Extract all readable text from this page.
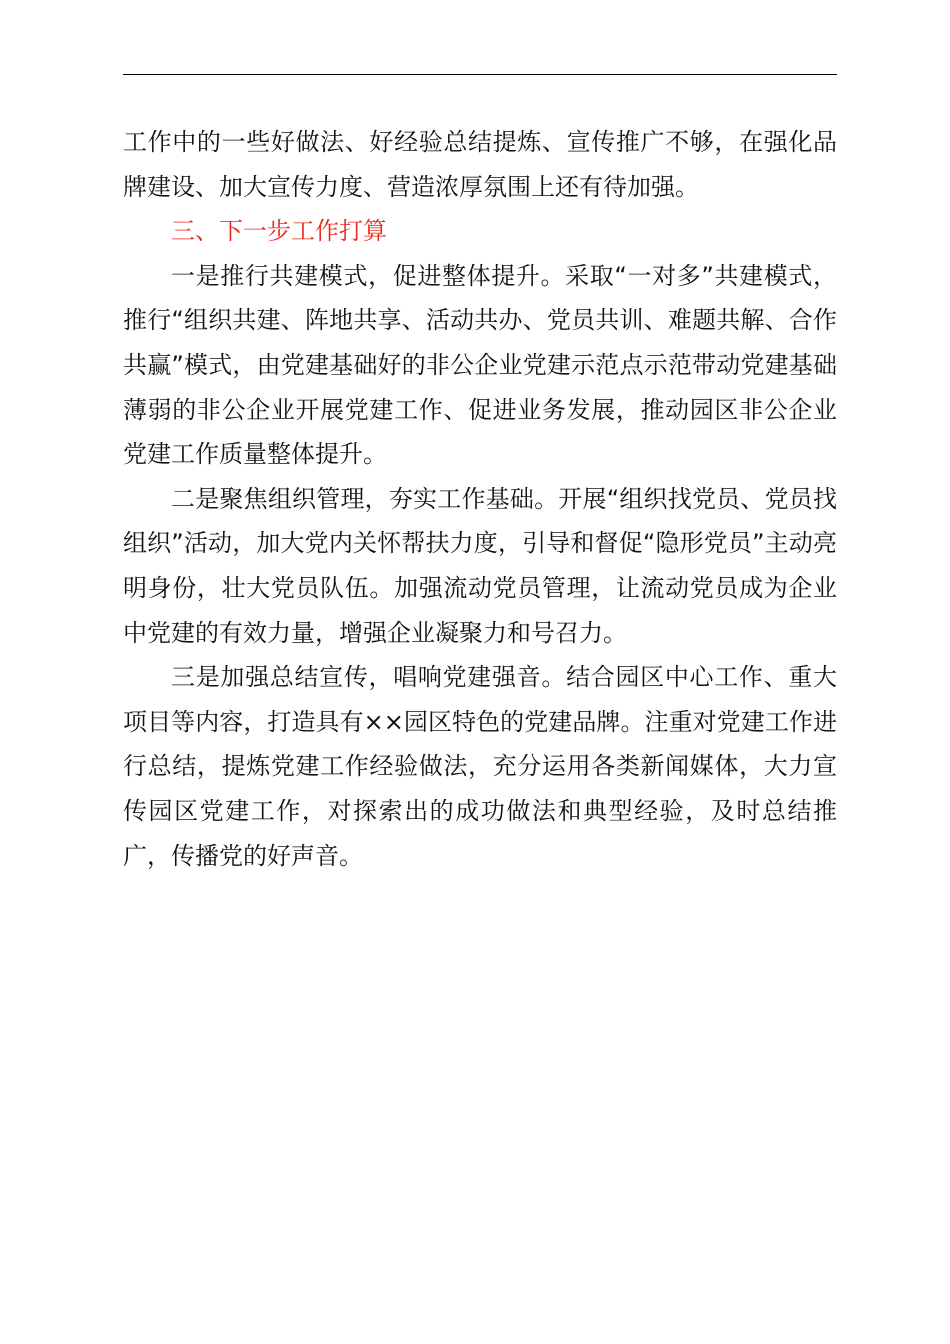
工作中的一些好做法、好经验总结提炼、宣传推广不够，在强化品牌建设、加大宣传力度、营造浓厚氛围上还有待加强。

三、下一步工作打算

一是推行共建模式，促进整体提升。采取“一对多”共建模式，推行“组织共建、阵地共享、活动共办、党员共训、难题共解、合作共赢”模式，由党建基础好的非公企业党建示范点示范带动党建基础薄弱的非公企业开展党建工作、促进业务发展，推动园区非公企业党建工作质量整体提升。

二是聚焦组织管理，夯实工作基础。开展“组织找党员、党员找组织”活动，加大党内关怀帮扶力度，引导和督促“隐形党员”主动亮明身份，壮大党员队伍。加强流动党员管理，让流动党员成为企业中党建的有效力量，增强企业凝聚力和号召力。

三是加强总结宣传，唱响党建强音。结合园区中心工作、重大项目等内容，打造具有××园区特色的党建品牌。注重对党建工作进行总结，提炼党建工作经验做法，充分运用各类新闻媒体，大力宣传园区党建工作，对探索出的成功做法和典型经验，及时总结推广，传播党的好声音。
